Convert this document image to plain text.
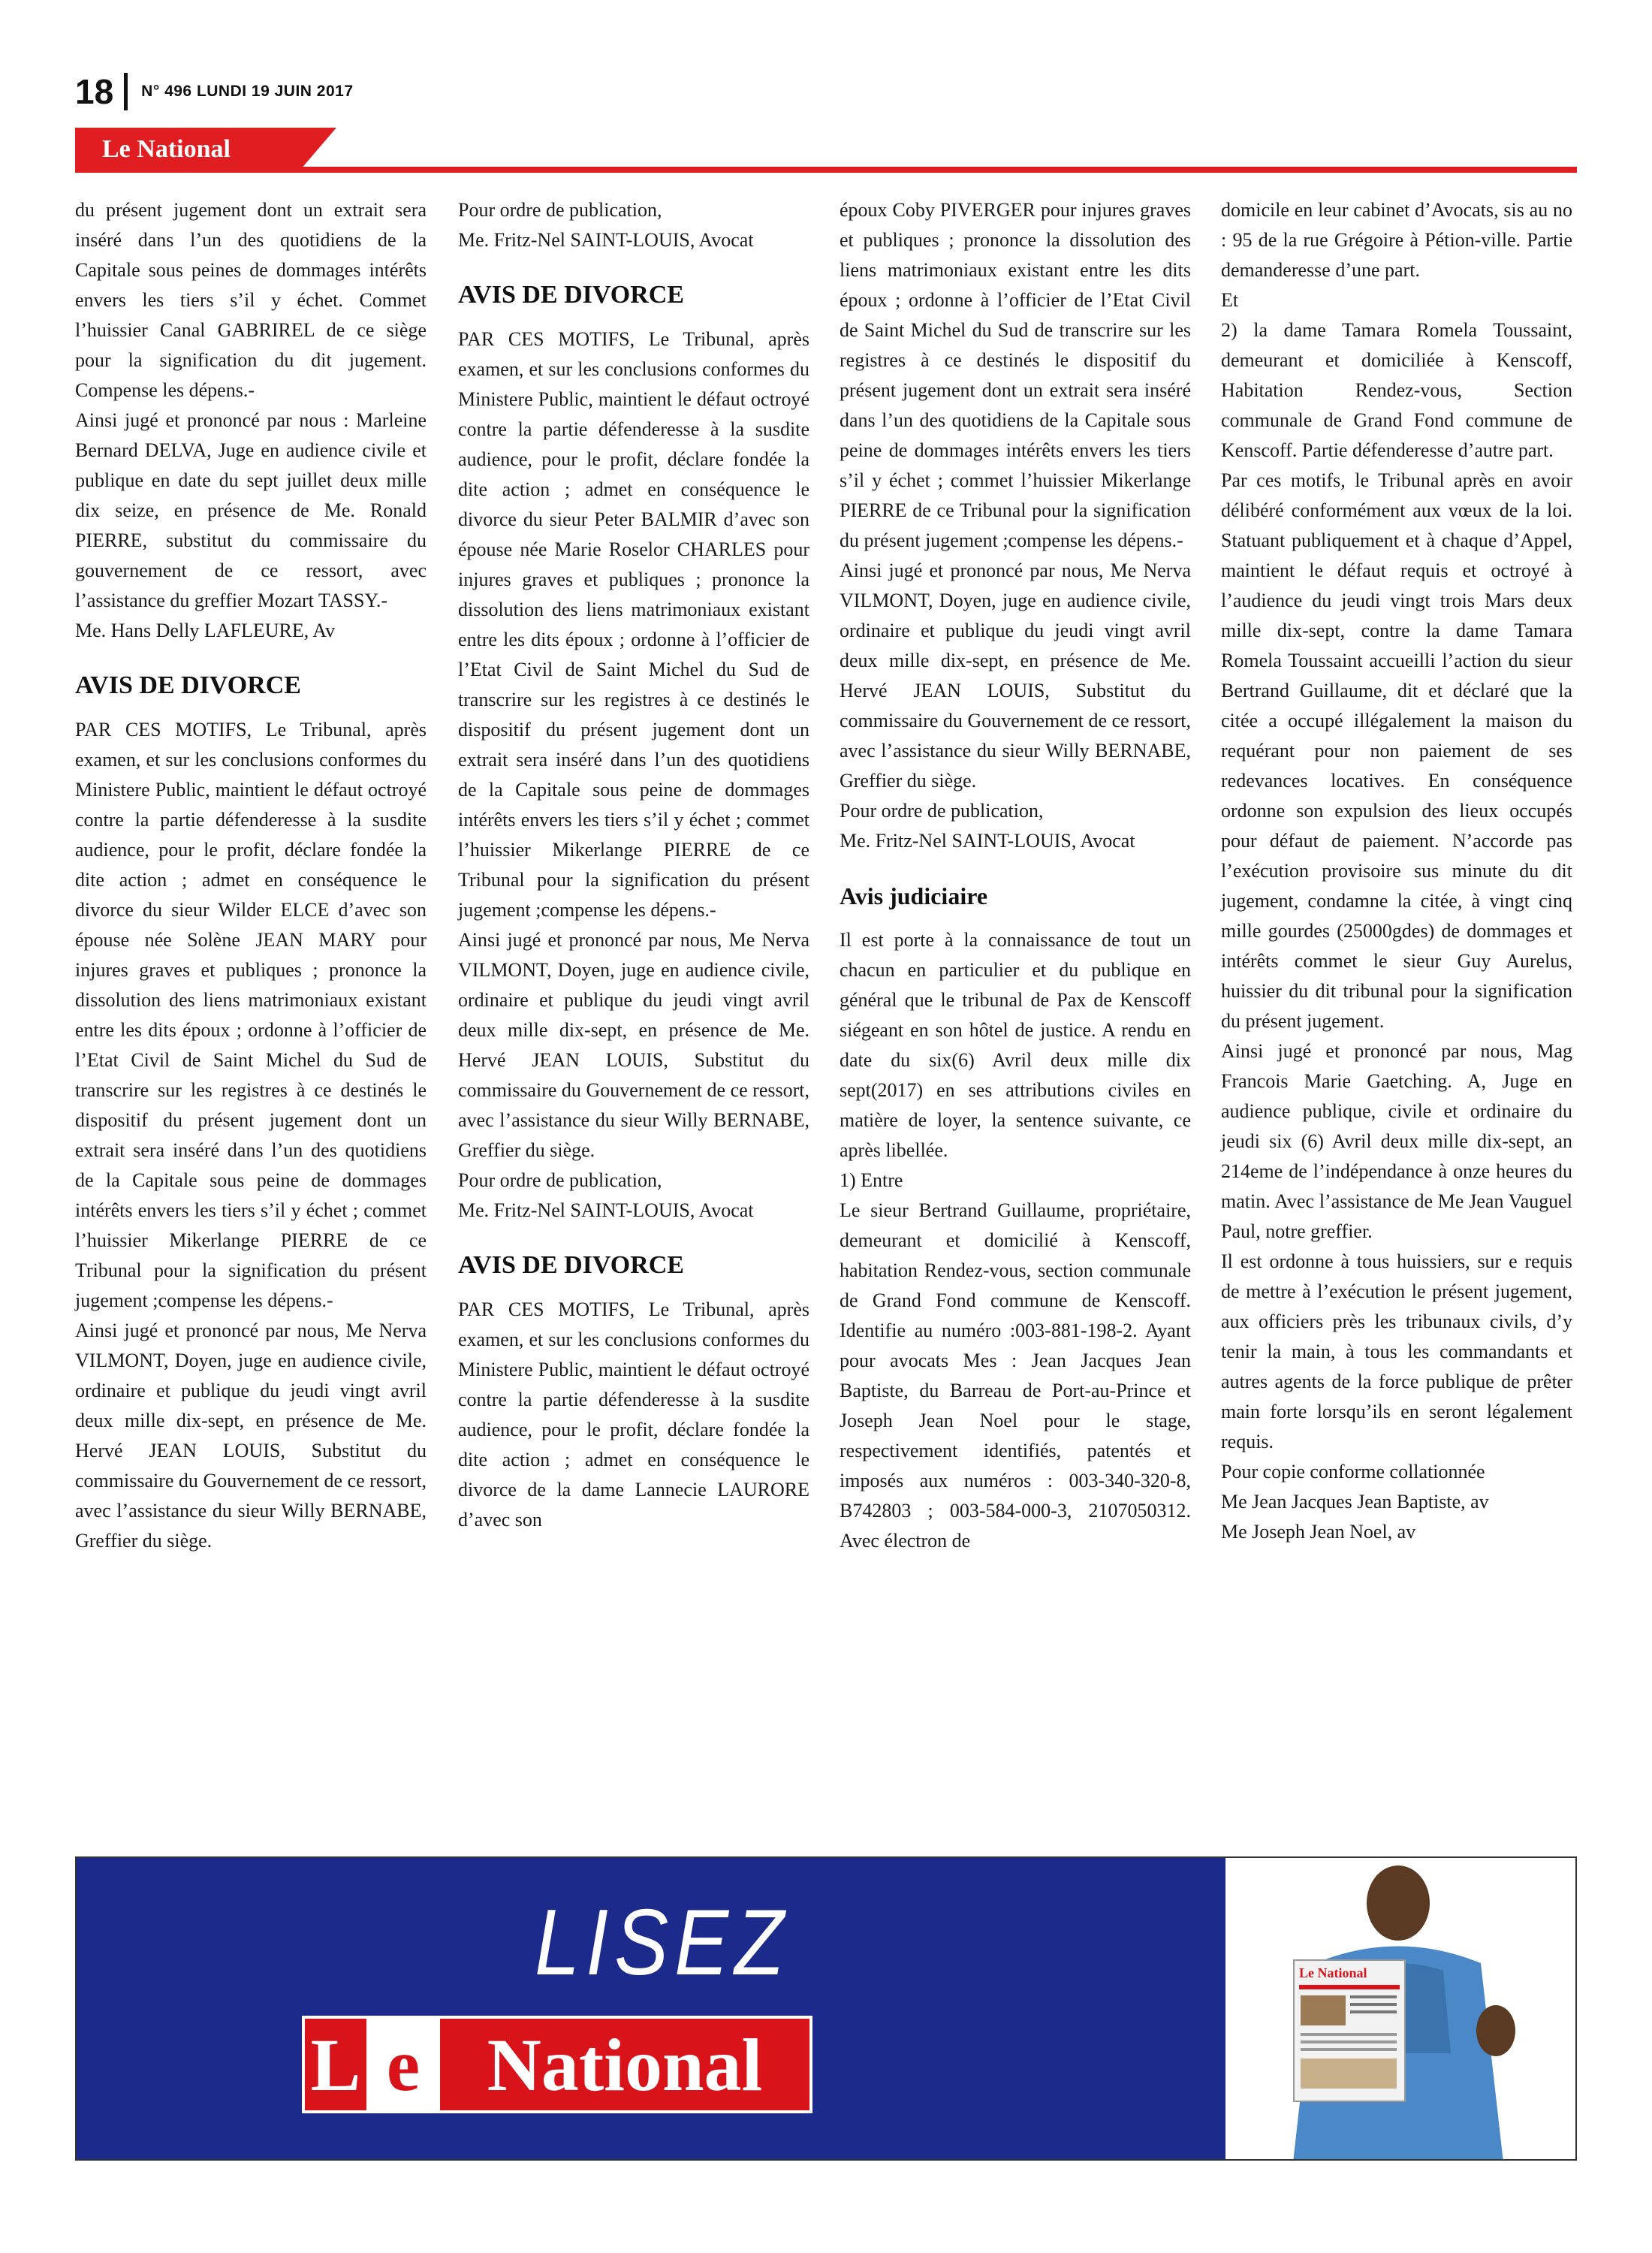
18 N° 496 LUNDI 19 JUIN 2017
Le National

du présent jugement dont un extrait sera inséré dans l’un des quotidiens de la Capitale sous peines de dommages intérêts envers les tiers s’il y échet. Commet l’huissier Canal GABRIREL de ce siège pour la signification du dit jugement. Compense les dépens.-

Ainsi jugé et prononcé par nous : Marleine Bernard DELVA, Juge en audience civile et publique en date du sept juillet deux mille dix seize, en présence de Me. Ronald PIERRE, substitut du commissaire du gouvernement de ce ressort, avec l’assistance du greffier Mozart TASSY.-

Me. Hans Delly LAFLEURE, Av

AVIS DE DIVORCE

PAR CES MOTIFS, Le Tribunal, après examen, et sur les conclusions conformes du Ministere Public, maintient le défaut octroyé contre la partie défenderesse à la susdite audience, pour le profit, déclare fondée la dite action ; admet en conséquence le divorce du sieur Wilder ELCE d’avec son épouse née Solène JEAN MARY pour injures graves et publiques ; prononce la dissolution des liens matrimoniaux existant entre les dits époux ; ordonne à l’officier de l’Etat Civil de Saint Michel du Sud de transcrire sur les registres à ce destinés le dispositif du présent jugement dont un extrait sera inséré dans l’un des quotidiens de la Capitale sous peine de dommages intérêts envers les tiers s’il y échet ; commet l’huissier Mikerlange PIERRE de ce Tribunal pour la signification du présent jugement ;compense les dépens.-

Ainsi jugé et prononcé par nous, Me Nerva VILMONT, Doyen, juge en audience civile, ordinaire et publique du jeudi vingt avril deux mille dix-sept, en présence de Me. Hervé JEAN LOUIS, Substitut du commissaire du Gouvernement de ce ressort, avec l’assistance du sieur Willy BERNABE, Greffier du siège.

Pour ordre de publication,

Me. Fritz-Nel SAINT-LOUIS, Avocat

AVIS DE DIVORCE

PAR CES MOTIFS, Le Tribunal, après examen, et sur les conclusions conformes du Ministere Public, maintient le défaut octroyé contre la partie défenderesse à la susdite audience, pour le profit, déclare fondée la dite action ; admet en conséquence le divorce du sieur Peter BALMIR d’avec son épouse née Marie Roselor CHARLES pour injures graves et publiques ; prononce la dissolution des liens matrimoniaux existant entre les dits époux ; ordonne à l’officier de l’Etat Civil de Saint Michel du Sud de transcrire sur les registres à ce destinés le dispositif du présent jugement dont un extrait sera inséré dans l’un des quotidiens de la Capitale sous peine de dommages intérêts envers les tiers s’il y échet ; commet l’huissier Mikerlange PIERRE de ce Tribunal pour la signification du présent jugement ;compense les dépens.-

Ainsi jugé et prononcé par nous, Me Nerva VILMONT, Doyen, juge en audience civile, ordinaire et publique du jeudi vingt avril deux mille dix-sept, en présence de Me. Hervé JEAN LOUIS, Substitut du commissaire du Gouvernement de ce ressort, avec l’assistance du sieur Willy BERNABE, Greffier du siège.

Pour ordre de publication,

Me. Fritz-Nel SAINT-LOUIS, Avocat

AVIS DE DIVORCE

PAR CES MOTIFS, Le Tribunal, après examen, et sur les conclusions conformes du Ministere Public, maintient le défaut octroyé contre la partie défenderesse à la susdite audience, pour le profit, déclare fondée la dite action ; admet en conséquence le divorce de la dame Lannecie LAURORE d’avec son

époux Coby PIVERGER pour injures graves et publiques ; prononce la dissolution des liens matrimoniaux existant entre les dits époux ; ordonne à l’officier de l’Etat Civil de Saint Michel du Sud de transcrire sur les registres à ce destinés le dispositif du présent jugement dont un extrait sera inséré dans l’un des quotidiens de la Capitale sous peine de dommages intérêts envers les tiers s’il y échet ; commet l’huissier Mikerlange PIERRE de ce Tribunal pour la signification du présent jugement ;compense les dépens.-

Ainsi jugé et prononcé par nous, Me Nerva VILMONT, Doyen, juge en audience civile, ordinaire et publique du jeudi vingt avril deux mille dix-sept, en présence de Me. Hervé JEAN LOUIS, Substitut du commissaire du Gouvernement de ce ressort, avec l’assistance du sieur Willy BERNABE, Greffier du siège.

Pour ordre de publication,

Me. Fritz-Nel SAINT-LOUIS, Avocat

Avis judiciaire

Il est porte à la connaissance de tout un chacun en particulier et du publique en général que le tribunal de Pax de Kenscoff siégeant en son hôtel de justice. A rendu en date du six(6) Avril deux mille dix sept(2017) en ses attributions civiles en matière de loyer, la sentence suivante, ce après libellée.

1) Entre

Le sieur Bertrand Guillaume, propriétaire, demeurant et domicilié à Kenscoff, habitation Rendez-vous, section communale de Grand Fond commune de Kenscoff. Identifie au numéro :003-881-198-2. Ayant pour avocats Mes : Jean Jacques Jean Baptiste, du Barreau de Port-au-Prince et Joseph Jean Noel pour le stage, respectivement identifiés, patentés et imposés aux numéros : 003-340-320-8, B742803 ; 003-584-000-3, 2107050312. Avec électron de

domicile en leur cabinet d’Avocats, sis au no : 95 de la rue Grégoire à Pétion-ville. Partie demanderesse d’une part.

Et

2) la dame Tamara Romela Toussaint, demeurant et domiciliée à Kenscoff, Habitation Rendez-vous, Section communale de Grand Fond commune de Kenscoff. Partie défenderesse d’autre part.

Par ces motifs, le Tribunal après en avoir délibéré conformément aux vœux de la loi. Statuant publiquement et à chaque d’Appel, maintient le défaut requis et octroyé à l’audience du jeudi vingt trois Mars deux mille dix-sept, contre la dame Tamara Romela Toussaint accueilli l’action du sieur Bertrand Guillaume, dit et déclaré que la citée a occupé illégalement la maison du requérant pour non paiement de ses redevances locatives. En conséquence ordonne son expulsion des lieux occupés pour défaut de paiement. N’accorde pas l’exécution provisoire sus minute du dit jugement, condamne la citée, à vingt cinq mille gourdes (25000gdes) de dommages et intérêts commet le sieur Guy Aurelus, huissier du dit tribunal pour la signification du présent jugement.

Ainsi jugé et prononcé par nous, Mag Francois Marie Gaetching. A, Juge en audience publique, civile et ordinaire du jeudi six (6) Avril deux mille dix-sept, an 214eme de l’indépendance à onze heures du matin. Avec l’assistance de Me Jean Vauguel Paul, notre greffier.

Il est ordonne à tous huissiers, sur e requis de mettre à l’exécution le présent jugement, aux officiers près les tribunaux civils, d’y tenir la main, à tous les commandants et autres agents de la force publique de prêter main forte lorsqu’ils en seront légalement requis.

Pour copie conforme collationnée

Me Jean Jacques Jean Baptiste, av

Me Joseph Jean Noel, av

LISEZ
L e National
Le National
